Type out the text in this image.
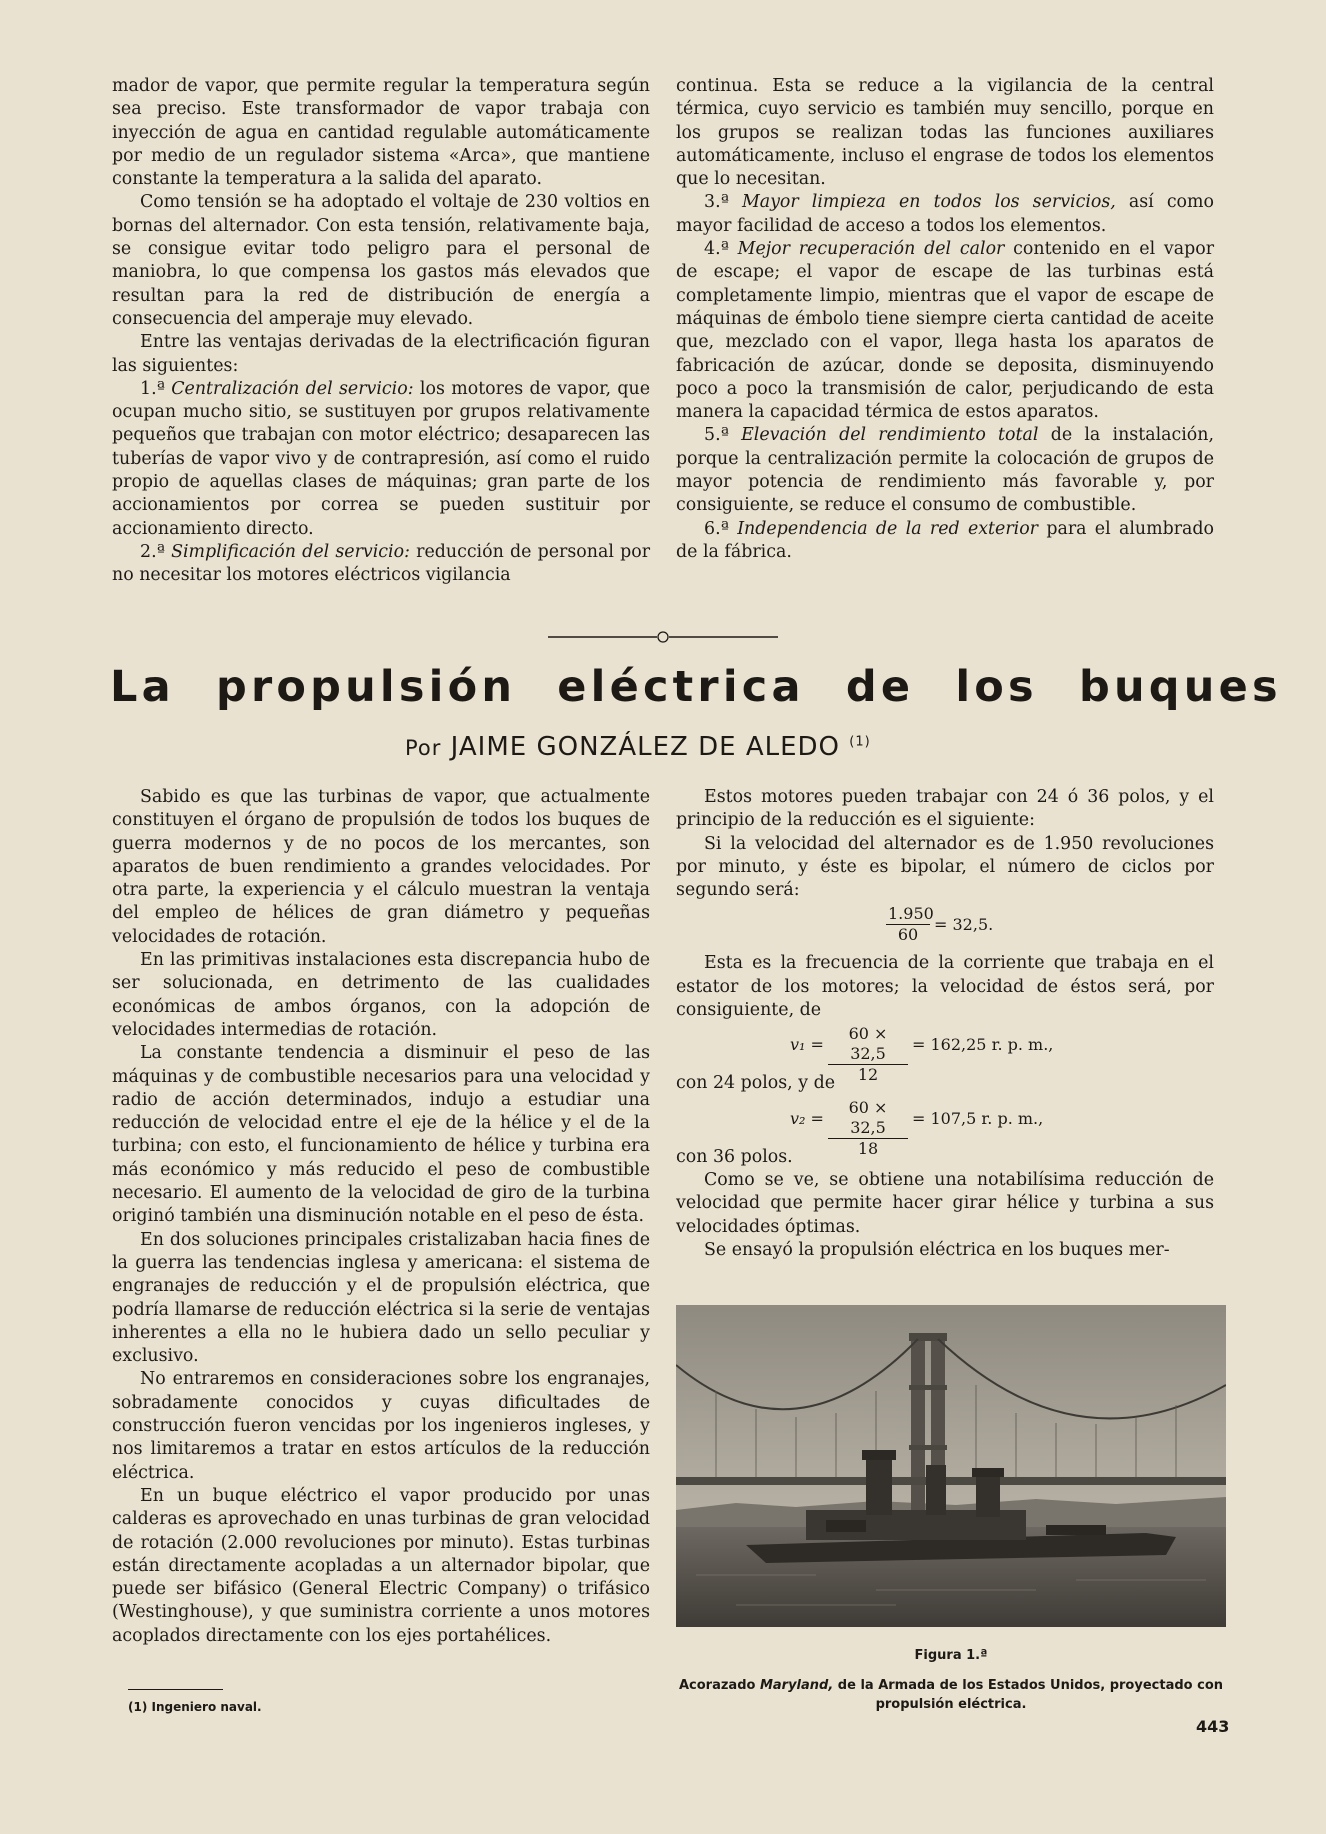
mador de vapor, que permite regular la temperatura según sea preciso. Este transformador de vapor trabaja con inyección de agua en cantidad regulable automáticamente por medio de un regulador sistema «Arca», que mantiene constante la temperatura a la salida del aparato.

Como tensión se ha adoptado el voltaje de 230 voltios en bornas del alternador. Con esta tensión, relativamente baja, se consigue evitar todo peligro para el personal de maniobra, lo que compensa los gastos más elevados que resultan para la red de distribución de energía a consecuencia del amperaje muy elevado.

Entre las ventajas derivadas de la electrificación figuran las siguientes:

1.ª Centralización del servicio: los motores de vapor, que ocupan mucho sitio, se sustituyen por grupos relativamente pequeños que trabajan con motor eléctrico; desaparecen las tuberías de vapor vivo y de contrapresión, así como el ruido propio de aquellas clases de máquinas; gran parte de los accionamientos por correa se pueden sustituir por accionamiento directo.

2.ª Simplificación del servicio: reducción de personal por no necesitar los motores eléctricos vigilancia

continua. Esta se reduce a la vigilancia de la central térmica, cuyo servicio es también muy sencillo, porque en los grupos se realizan todas las funciones auxiliares automáticamente, incluso el engrase de todos los elementos que lo necesitan.

3.ª Mayor limpieza en todos los servicios, así como mayor facilidad de acceso a todos los elementos.

4.ª Mejor recuperación del calor contenido en el vapor de escape; el vapor de escape de las turbinas está completamente limpio, mientras que el vapor de escape de máquinas de émbolo tiene siempre cierta cantidad de aceite que, mezclado con el vapor, llega hasta los aparatos de fabricación de azúcar, donde se deposita, disminuyendo poco a poco la transmisión de calor, perjudicando de esta manera la capacidad térmica de estos aparatos.

5.ª Elevación del rendimiento total de la instalación, porque la centralización permite la colocación de grupos de mayor potencia de rendimiento más favorable y, por consiguiente, se reduce el consumo de combustible.

6.ª Independencia de la red exterior para el alumbrado de la fábrica.

La propulsión eléctrica de los buques
Por JAIME GONZÁLEZ DE ALEDO $^{(1)}$

Sabido es que las turbinas de vapor, que actualmente constituyen el órgano de propulsión de todos los buques de guerra modernos y de no pocos de los mercantes, son aparatos de buen rendimiento a grandes velocidades. Por otra parte, la experiencia y el cálculo muestran la ventaja del empleo de hélices de gran diámetro y pequeñas velocidades de rotación.

En las primitivas instalaciones esta discrepancia hubo de ser solucionada, en detrimento de las cualidades económicas de ambos órganos, con la adopción de velocidades intermedias de rotación.

La constante tendencia a disminuir el peso de las máquinas y de combustible necesarios para una velocidad y radio de acción determinados, indujo a estudiar una reducción de velocidad entre el eje de la hélice y el de la turbina; con esto, el funcionamiento de hélice y turbina era más económico y más reducido el peso de combustible necesario. El aumento de la velocidad de giro de la turbina originó también una disminución notable en el peso de ésta.

En dos soluciones principales cristalizaban hacia fines de la guerra las tendencias inglesa y americana: el sistema de engranajes de reducción y el de propulsión eléctrica, que podría llamarse de reducción eléctrica si la serie de ventajas inherentes a ella no le hubiera dado un sello peculiar y exclusivo.

No entraremos en consideraciones sobre los engranajes, sobradamente conocidos y cuyas dificultades de construcción fueron vencidas por los ingenieros ingleses, y nos limitaremos a tratar en estos artículos de la reducción eléctrica.

En un buque eléctrico el vapor producido por unas calderas es aprovechado en unas turbinas de gran velocidad de rotación (2.000 revoluciones por minuto). Estas turbinas están directamente acopladas a un alternador bipolar, que puede ser bifásico (General Electric Company) o trifásico (Westinghouse), y que suministra corriente a unos motores acoplados directamente con los ejes portahélices.

Estos motores pueden trabajar con 24 ó 36 polos, y el principio de la reducción es el siguiente:

Si la velocidad del alternador es de 1.950 revoluciones por minuto, y éste es bipolar, el número de ciclos por segundo será:

$\frac{1.950}{60} = 32,5$.

Esta es la frecuencia de la corriente que trabaja en el estator de los motores; la velocidad de éstos será, por consiguiente, de

$v_1 = \frac{60 \times 32,5}{12} = 162,25$ r. p. m.,

con 24 polos, y de

$v_2 = \frac{60 \times 32,5}{18} = 107,5$ r. p. m.,

con 36 polos.

Como se ve, se obtiene una notabilísima reducción de velocidad que permite hacer girar hélice y turbina a sus velocidades óptimas.

Se ensayó la propulsión eléctrica en los buques mer-

Figura 1.ª
Acorazado Maryland, de la Armada de los Estados Unidos, proyectado con propulsión eléctrica.
(1) Ingeniero naval.
443
